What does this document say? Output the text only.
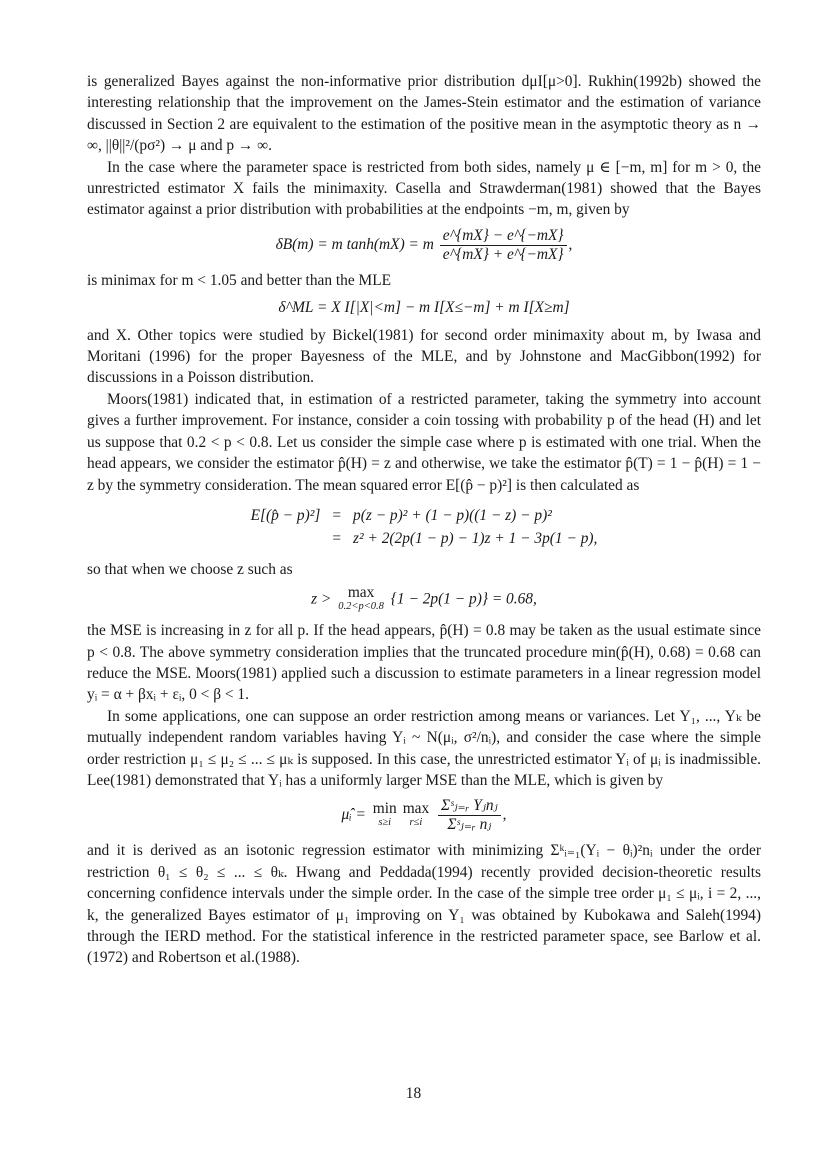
is generalized Bayes against the non-informative prior distribution dμI[μ>0]. Rukhin(1992b) showed the interesting relationship that the improvement on the James-Stein estimator and the estimation of variance discussed in Section 2 are equivalent to the estimation of the positive mean in the asymptotic theory as n → ∞, ||θ||²/(pσ²) → μ and p → ∞.

In the case where the parameter space is restricted from both sides, namely μ ∈ [−m, m] for m > 0, the unrestricted estimator X fails the minimaxity. Casella and Strawderman(1981) showed that the Bayes estimator against a prior distribution with probabilities at the endpoints −m, m, given by

δB(m) = m tanh(mX) = m $\frac{e\^{}\{mX\} - e\^{}\{-mX\}}{e\^{}\{mX\} + e\^{}\{-mX\}}$ ,

is minimax for m < 1.05 and better than the MLE

δ^ML = X I[|X|<m] − m I[X≤−m] + m I[X≥m]

and X. Other topics were studied by Bickel(1981) for second order minimaxity about m, by Iwasa and Moritani (1996) for the proper Bayesness of the MLE, and by Johnstone and MacGibbon(1992) for discussions in a Poisson distribution.

Moors(1981) indicated that, in estimation of a restricted parameter, taking the symmetry into account gives a further improvement. For instance, consider a coin tossing with probability p of the head (H) and let us suppose that 0.2 < p < 0.8. Let us consider the simple case where p is estimated with one trial. When the head appears, we consider the estimator p̂(H) = z and otherwise, we take the estimator p̂(T) = 1 − p̂(H) = 1 − z by the symmetry consideration. The mean squared error E[(p̂ − p)²] is then calculated as

E[(p̂ − p)²]	=	p(z − p)² + (1 − p)((1 − z) − p)²
	=	z² + 2(2p(1 − p) − 1)z + 1 − 3p(1 − p),

so that when we choose z such as

z >	max
0.2<p<0.8 {1 − 2p(1 − p)} = 0.68,

the MSE is increasing in z for all p. If the head appears, p̂(H) = 0.8 may be taken as the usual estimate since p < 0.8. The above symmetry consideration implies that the truncated procedure min(p̂(H), 0.68) = 0.68 can reduce the MSE. Moors(1981) applied such a discussion to estimate parameters in a linear regression model yᵢ = α + βxᵢ + εᵢ, 0 < β < 1.

In some applications, one can suppose an order restriction among means or variances. Let Y₁, ..., Yₖ be mutually independent random variables having Yᵢ ~ N(μᵢ, σ²/nᵢ), and consider the case where the simple order restriction μ₁ ≤ μ₂ ≤ ... ≤ μₖ is supposed. In this case, the unrestricted estimator Yᵢ of μᵢ is inadmissible. Lee(1981) demonstrated that Yᵢ has a uniformly larger MSE than the MLE, which is given by

μ̂ᵢ = min
s≥i
max
r≤i
	$\frac{\text{Σˢⱼ₌ᵣ Yⱼnⱼ}}{\text{Σˢⱼ₌ᵣ nⱼ}}$ ,

and it is derived as an isotonic regression estimator with minimizing Σᵏᵢ₌₁(Yᵢ − θᵢ)²nᵢ under the order restriction θ₁ ≤ θ₂ ≤ ... ≤ θₖ. Hwang and Peddada(1994) recently provided decision-theoretic results concerning confidence intervals under the simple order. In the case of the simple tree order μ₁ ≤ μᵢ, i = 2, ..., k, the generalized Bayes estimator of μ₁ improving on Y₁ was obtained by Kubokawa and Saleh(1994) through the IERD method. For the statistical inference in the restricted parameter space, see Barlow et al.(1972) and Robertson et al.(1988).

18
